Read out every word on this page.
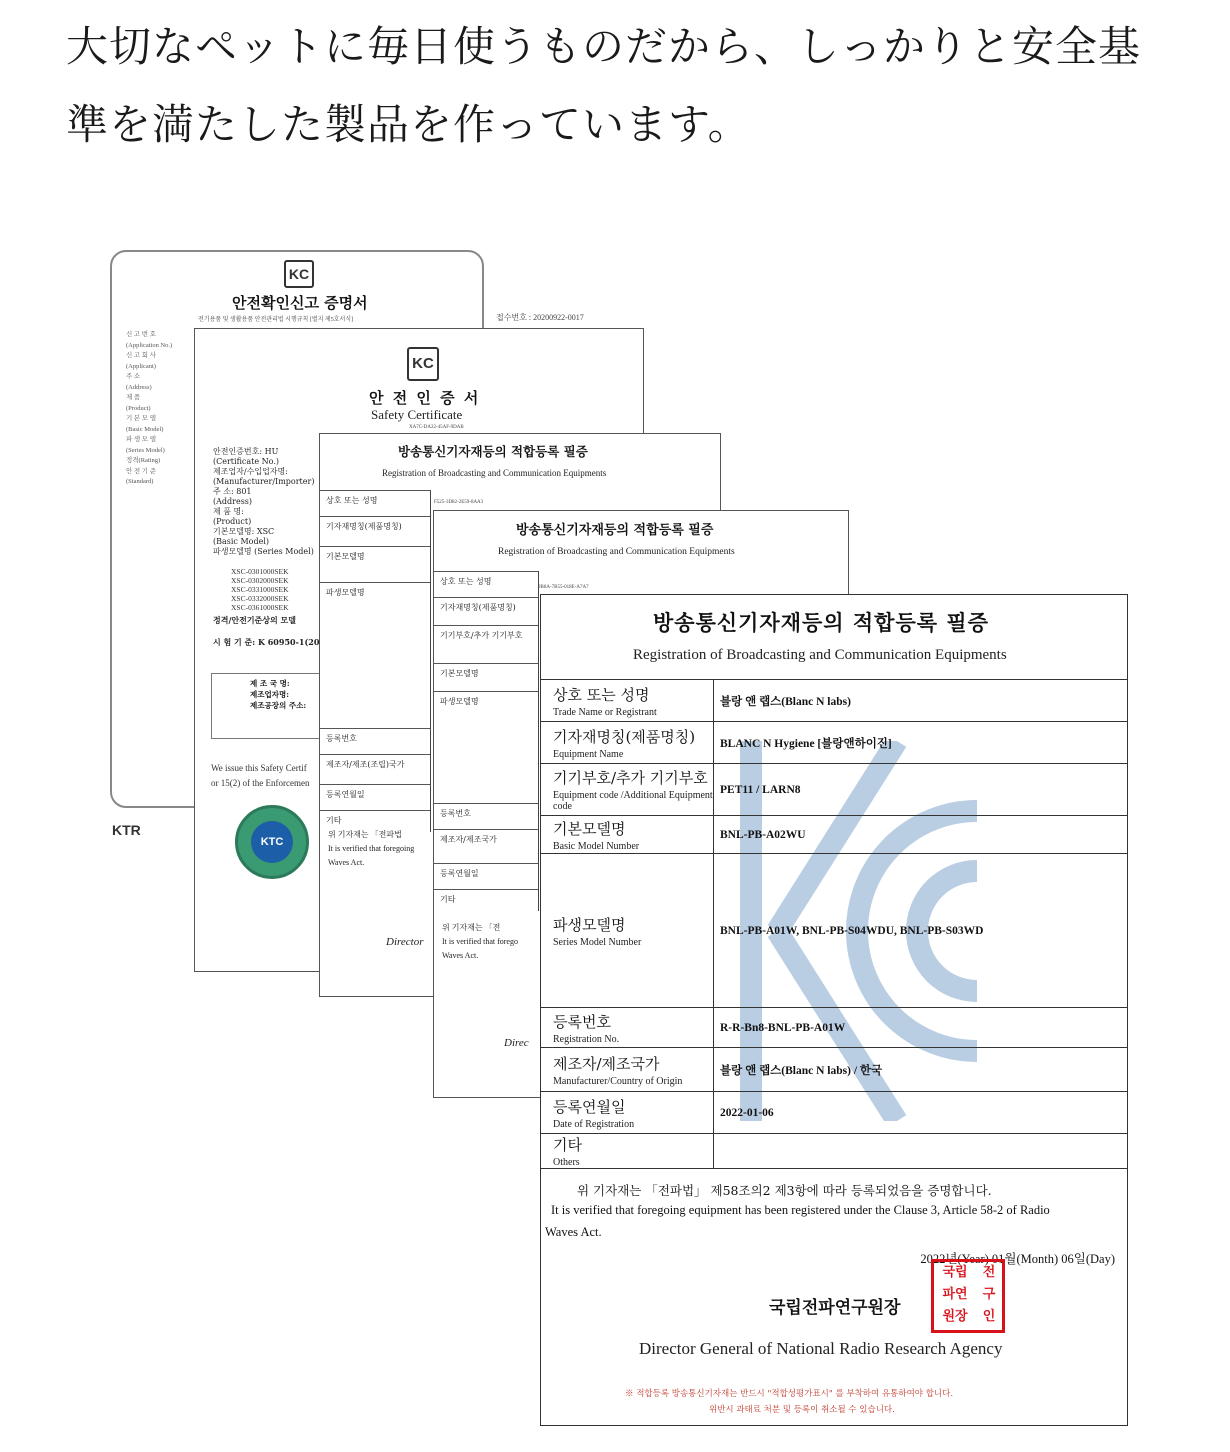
大切なペットに毎日使うものだから、しっかりと安全基
準を満たした製品を作っています。
KC
안전확인신고 증명서
전기용품 및 생활용품 안전관리법 시행규칙 [별지 제5호서식]	접수번호 : 20200922-0017
신 고 번 호
(Application No.)
신 고 회 사
(Applicant)
주 소
(Address)
제 품
(Product)
기 본 모 델
(Basic Model)
파 생 모 델
(Series Model)
정격(Rating)
안 전 기 준
(Standard)
KTR
KC
안 전 인 증 서
Safety Certificate
XA7C-DA22-45AF-9DAB
안전인증번호: HU
(Certificate No.)
제조업자/수입업자명:
(Manufacturer/Importer)
주 소: 801
(Address)
제 품 명:
(Product)
기본모델명: XSC
(Basic Model)
파생모델명 (Series Model)
XSC-0301000SEK
XSC-0302000SEK
XSC-0331000SEK
XSC-0332000SEK
XSC-0361000SEK
정격/안전기준상의 모델
시 험 기 준: K 60950-1(20
제 조 국 명:
제조업자명:
제조공장의 주소:
We issue this Safety Certif
or 15(2) of the Enforcemen
KTC
방송통신기자재등의 적합등록 필증
Registration of Broadcasting and Communication Equipments
F525-3D82-2E59-8AA3
상호 또는 성명
기자재명칭(제품명칭)
기본모델명
파생모델명
등록번호
제조자/제조(조립)국가
등록연월일
기타
위 기자재는 「전파법
It is verified that foregoing
Waves Act.
Director
방송통신기자재등의 적합등록 필증
Registration of Broadcasting and Communication Equipments
9B8A-7B55-018E-A7A7
상호 또는 성명
기자재명칭(제품명칭)
기기부호/추가 기기부호
기본모델명
파생모델명
등록번호
제조자/제조국가
등록연월일
기타
위 기자재는 「전
It is verified that forego
Waves Act.
Direc
방송통신기자재등의 적합등록 필증
Registration of Broadcasting and Communication Equipments
상호 또는 성명
Trade Name or Registrant	블랑 앤 랩스(Blanc N labs)

기자재명칭(제품명칭)
Equipment Name	BLANC N Hygiene [블랑앤하이진]

기기부호/추가 기기부호
Equipment code /Additional Equipment code	PET11 / LARN8

기본모델명
Basic Model Number	BNL-PB-A02WU

파생모델명
Series Model Number	BNL-PB-A01W, BNL-PB-S04WDU, BNL-PB-S03WD

등록번호
Registration No.	R-R-Bn8-BNL-PB-A01W

제조자/제조국가
Manufacturer/Country of Origin	블랑 앤 랩스(Blanc N labs) / 한국

등록연월일
Date of Registration	2022-01-06

기타
Others	

위 기자재는 「전파법」 제58조의2 제3항에 따라 등록되었음을 증명합니다.
It is verified that foregoing equipment has been registered under the Clause 3, Article 58-2 of Radio
Waves Act.
2022년(Year) 01월(Month) 06일(Day)
국립전파연구원장
국립	전
파연	구
원장	인
Director General of National Radio Research Agency
※ 적합등록 방송통신기자재는 반드시 "적합성평가표시" 를 부착하여 유통하여야 합니다.
위반시 과태료 처분 및 등록이 취소될 수 있습니다.
